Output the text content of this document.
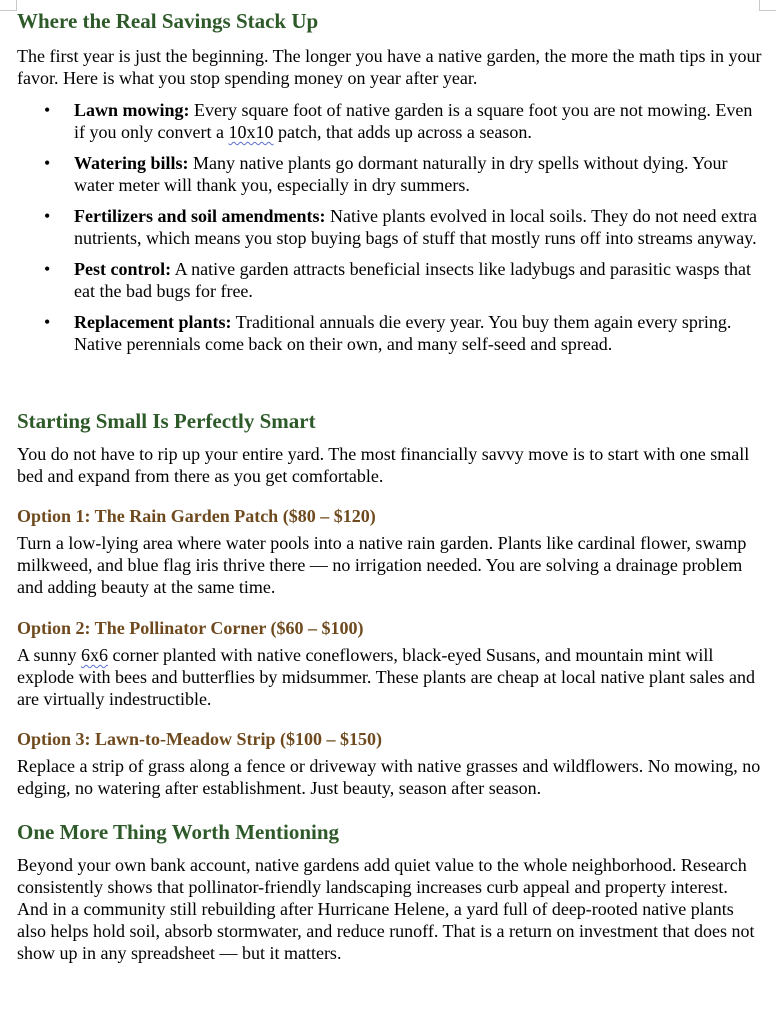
Where the Real Savings Stack Up

The first year is just the beginning. The longer you have a native garden, the more the math tips in your favor. Here is what you stop spending money on year after year.

• Lawn mowing: Every square foot of native garden is a square foot you are not mowing. Even if you only convert a 10x10 patch, that adds up across a season.
• Watering bills: Many native plants go dormant naturally in dry spells without dying. Your water meter will thank you, especially in dry summers.
• Fertilizers and soil amendments: Native plants evolved in local soils. They do not need extra nutrients, which means you stop buying bags of stuff that mostly runs off into streams anyway.
• Pest control: A native garden attracts beneficial insects like ladybugs and parasitic wasps that eat the bad bugs for free.
• Replacement plants: Traditional annuals die every year. You buy them again every spring. Native perennials come back on their own, and many self-seed and spread.
Starting Small Is Perfectly Smart

You do not have to rip up your entire yard. The most financially savvy move is to start with one small bed and expand from there as you get comfortable.

Option 1: The Rain Garden Patch ($80 – $120)

Turn a low-lying area where water pools into a native rain garden. Plants like cardinal flower, swamp milkweed, and blue flag iris thrive there — no irrigation needed. You are solving a drainage problem and adding beauty at the same time.

Option 2: The Pollinator Corner ($60 – $100)

A sunny 6x6 corner planted with native coneflowers, black-eyed Susans, and mountain mint will explode with bees and butterflies by midsummer. These plants are cheap at local native plant sales and are virtually indestructible.

Option 3: Lawn-to-Meadow Strip ($100 – $150)

Replace a strip of grass along a fence or driveway with native grasses and wildflowers. No mowing, no edging, no watering after establishment. Just beauty, season after season.

One More Thing Worth Mentioning

Beyond your own bank account, native gardens add quiet value to the whole neighborhood. Research consistently shows that pollinator-friendly landscaping increases curb appeal and property interest. And in a community still rebuilding after Hurricane Helene, a yard full of deep-rooted native plants also helps hold soil, absorb stormwater, and reduce runoff. That is a return on investment that does not show up in any spreadsheet — but it matters.
